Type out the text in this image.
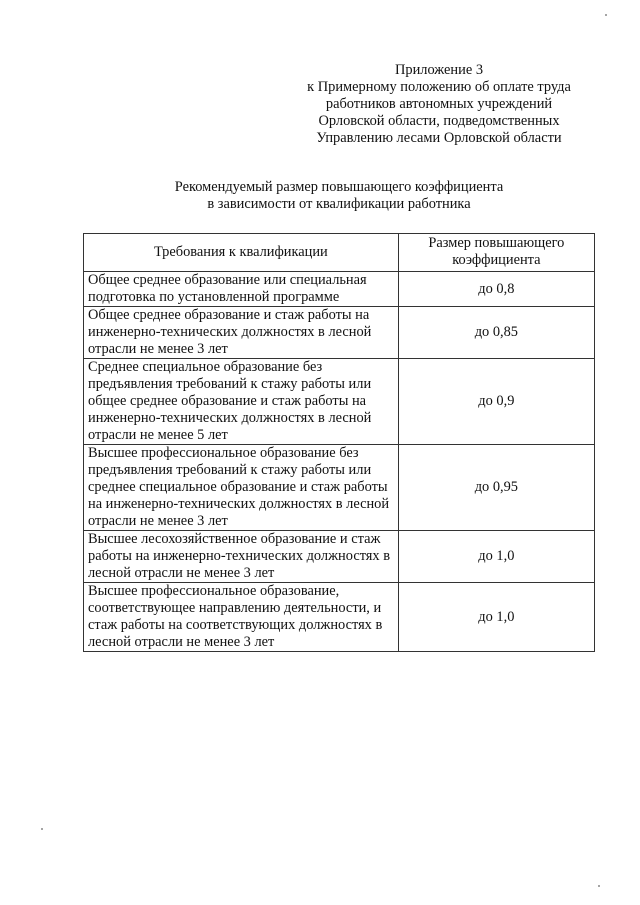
Приложение 3
к Примерному положению об оплате труда
работников автономных учреждений
Орловской области, подведомственных
Управлению лесами Орловской области
Рекомендуемый размер повышающего коэффициента
в зависимости от квалификации работника
Требования к квалификации	Размер повышающего коэффициента
Общее среднее образование или специальная подготовка по установленной программе	до 0,8
Общее среднее образование и стаж работы на инженерно-технических должностях в лесной отрасли не менее 3 лет	до 0,85
Среднее специальное образование без предъявления требований к стажу работы или общее среднее образование и стаж работы на инженерно-технических должностях в лесной отрасли не менее 5 лет	до 0,9
Высшее профессиональное образование без предъявления требований к стажу работы или среднее специальное образование и стаж работы на инженерно-технических должностях в лесной отрасли не менее 3 лет	до 0,95
Высшее лесохозяйственное образование и стаж работы на инженерно-технических должностях в лесной отрасли не менее 3 лет	до 1,0
Высшее профессиональное образование, соответствующее направлению деятельности, и стаж работы на соответствующих должностях в лесной отрасли не менее 3 лет	до 1,0
